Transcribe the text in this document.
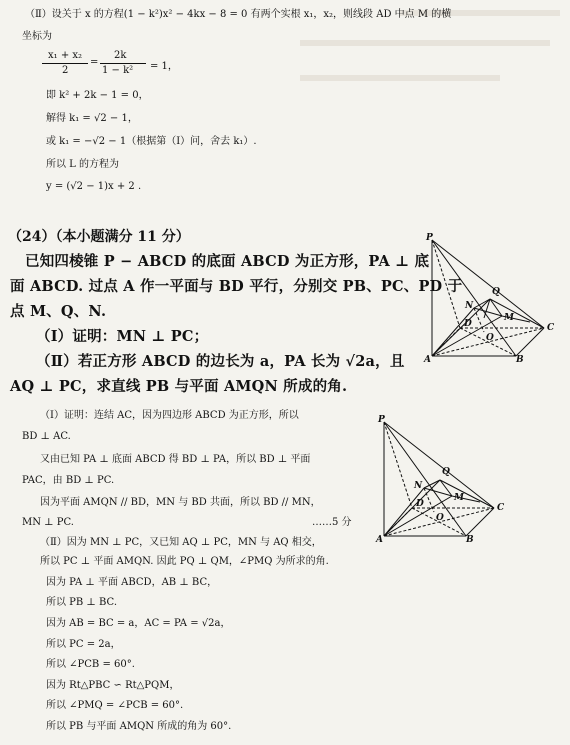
（Ⅱ）设关于 x 的方程(1 − k²)x² − 4kx − 8 = 0 有两个实根 x₁，x₂，则线段 AD 中点 M 的横
坐标为
x₁ + x₂
2
=
2k
1 − k² = 1，
即 k² + 2k − 1 = 0，
解得 k₁ = √2 − 1，
或 k₁ = −√2 − 1（根据第（Ⅰ）问，舍去 k₁）.
所以 L 的方程为
y = (√2 − 1)x + 2 .
（24）（本小题满分 11 分）
已知四棱锥 P − ABCD 的底面 ABCD 为正方形，PA ⊥ 底
面 ABCD. 过点 A 作一平面与 BD 平行，分别交 PB、PC、PD 于
点 M、Q、N.
（Ⅰ）证明：MN ⊥ PC；
（Ⅱ）若正方形 ABCD 的边长为 a，PA 长为 √2a，且
AQ ⊥ PC，求直线 PB 与平面 AMQN 所成的角.
P
Q
N
M
D
O
C
A	B
（Ⅰ）证明：连结 AC，因为四边形 ABCD 为正方形，所以
BD ⊥ AC.
又由已知 PA ⊥ 底面 ABCD 得 BD ⊥ PA，所以 BD ⊥ 平面
PAC，由 BD ⊥ PC.
因为平面 AMQN // BD，MN 与 BD 共面，所以 BD // MN，
MN ⊥ PC.	……5 分
（Ⅱ）因为 MN ⊥ PC，又已知 AQ ⊥ PC，MN 与 AQ 相交，
所以 PC ⊥ 平面 AMQN. 因此 PQ ⊥ QM，∠PMQ 为所求的角.
因为 PA ⊥ 平面 ABCD，AB ⊥ BC，
所以 PB ⊥ BC.
因为 AB = BC = a，AC = PA = √2a，
所以 PC = 2a，
所以 ∠PCB = 60°.
因为 Rt△PBC ∽ Rt△PQM，
所以 ∠PMQ = ∠PCB = 60°.
所以 PB 与平面 AMQN 所成的角为 60°.
P
Q
N
M
D
O
C
A	B
